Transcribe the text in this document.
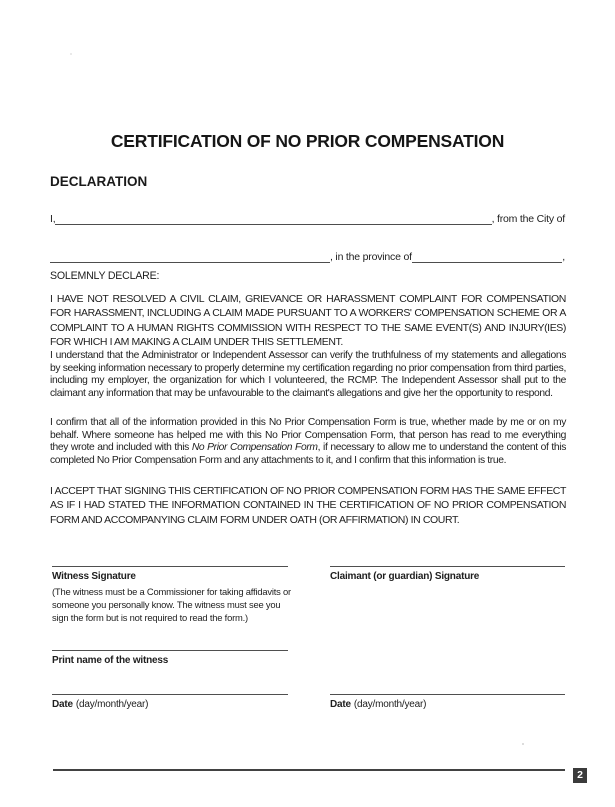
CERTIFICATION OF NO PRIOR COMPENSATION
DECLARATION
I,	, from the City of
, in the province of	,

SOLEMNLY DECLARE:

I HAVE NOT RESOLVED A CIVIL CLAIM, GRIEVANCE OR HARASSMENT COMPLAINT FOR COMPENSATION FOR HARASSMENT, INCLUDING A CLAIM MADE PURSUANT TO A WORKERS' COMPENSATION SCHEME OR A COMPLAINT TO A HUMAN RIGHTS COMMISSION WITH RESPECT TO THE SAME EVENT(S) AND INJURY(IES) FOR WHICH I AM MAKING A CLAIM UNDER THIS SETTLEMENT.

I understand that the Administrator or Independent Assessor can verify the truthfulness of my statements and allegations by seeking information necessary to properly determine my certification regarding no prior compensation from third parties, including my employer, the organization for which I volunteered, the RCMP. The Independent Assessor shall put to the claimant any information that may be unfavourable to the claimant's allegations and give her the opportunity to respond.

I confirm that all of the information provided in this No Prior Compensation Form is true, whether made by me or on my behalf. Where someone has helped me with this No Prior Compensation Form, that person has read to me everything they wrote and included with this No Prior Compensation Form, if necessary to allow me to understand the content of this completed No Prior Compensation Form and any attachments to it, and I confirm that this information is true.

I ACCEPT THAT SIGNING THIS CERTIFICATION OF NO PRIOR COMPENSATION FORM HAS THE SAME EFFECT AS IF I HAD STATED THE INFORMATION CONTAINED IN THE CERTIFICATION OF NO PRIOR COMPENSATION FORM AND ACCOMPANYING CLAIM FORM UNDER OATH (OR AFFIRMATION) IN COURT.

Witness Signature	Claimant (or guardian) Signature

(The witness must be a Commissioner for taking affidavits or someone you personally know. The witness must see you sign the form but is not required to read the form.)

Print name of the witness
Date (day/month/year)	Date (day/month/year)
2
